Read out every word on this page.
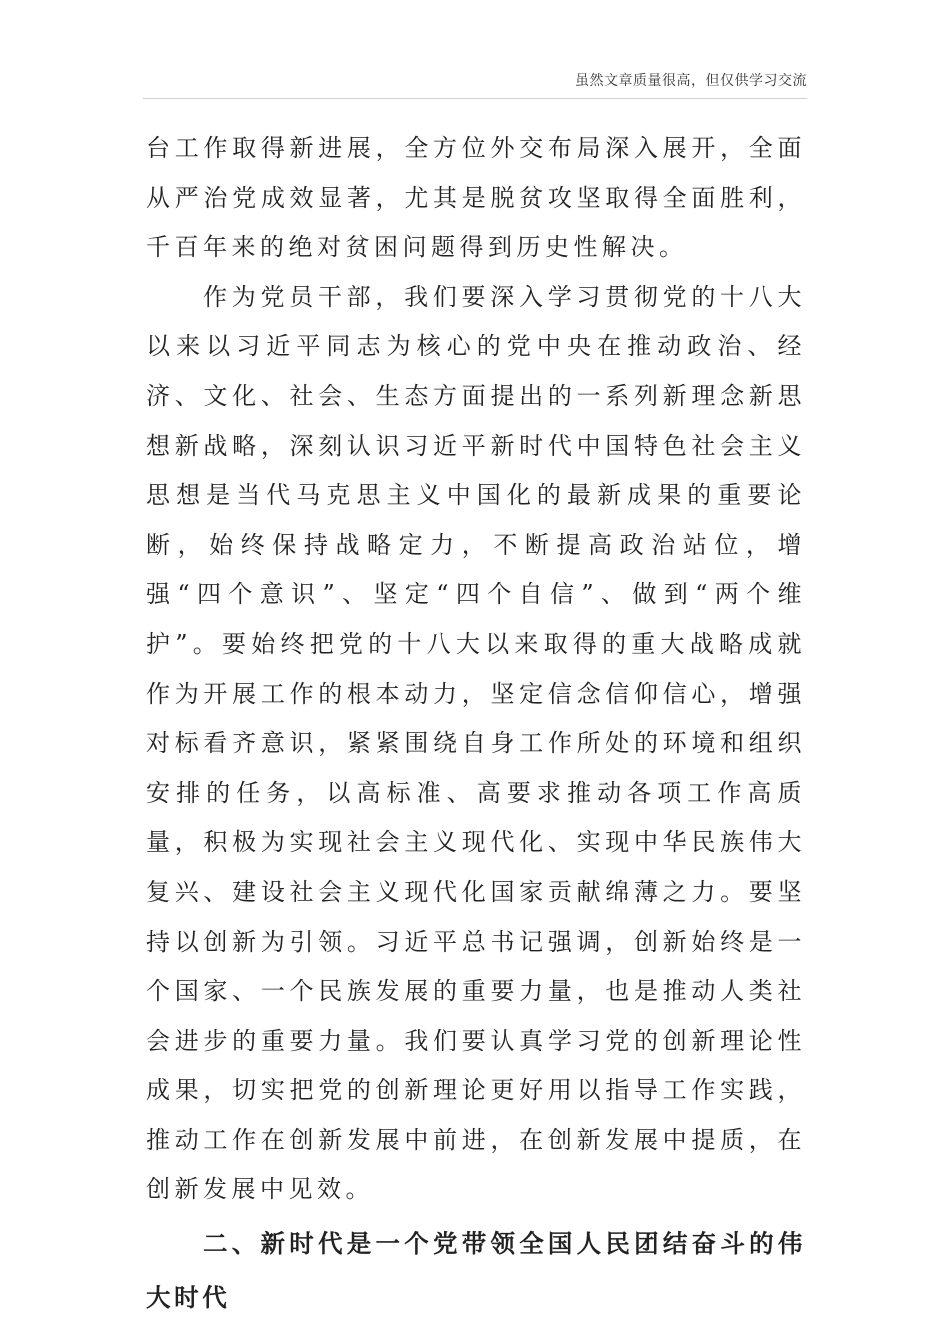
虽然文章质量很高，但仅供学习交流

台工作取得新进展，全方位外交布局深入展开，全面从严治党成效显著，尤其是脱贫攻坚取得全面胜利，千百年来的绝对贫困问题得到历史性解决。

作为党员干部，我们要深入学习贯彻党的十八大以来以习近平同志为核心的党中央在推动政治、经济、文化、社会、生态方面提出的一系列新理念新思想新战略，深刻认识习近平新时代中国特色社会主义思想是当代马克思主义中国化的最新成果的重要论断，始终保持战略定力，不断提高政治站位，增强“四个意识”、坚定“四个自信”、做到“两个维护”。要始终把党的十八大以来取得的重大战略成就作为开展工作的根本动力，坚定信念信仰信心，增强对标看齐意识，紧紧围绕自身工作所处的环境和组织安排的任务，以高标准、高要求推动各项工作高质量，积极为实现社会主义现代化、实现中华民族伟大复兴、建设社会主义现代化国家贡献绵薄之力。要坚持以创新为引领。习近平总书记强调，创新始终是一个国家、一个民族发展的重要力量，也是推动人类社会进步的重要力量。我们要认真学习党的创新理论性成果，切实把党的创新理论更好用以指导工作实践，推动工作在创新发展中前进，在创新发展中提质，在创新发展中见效。

二、新时代是一个党带领全国人民团结奋斗的伟大时代
